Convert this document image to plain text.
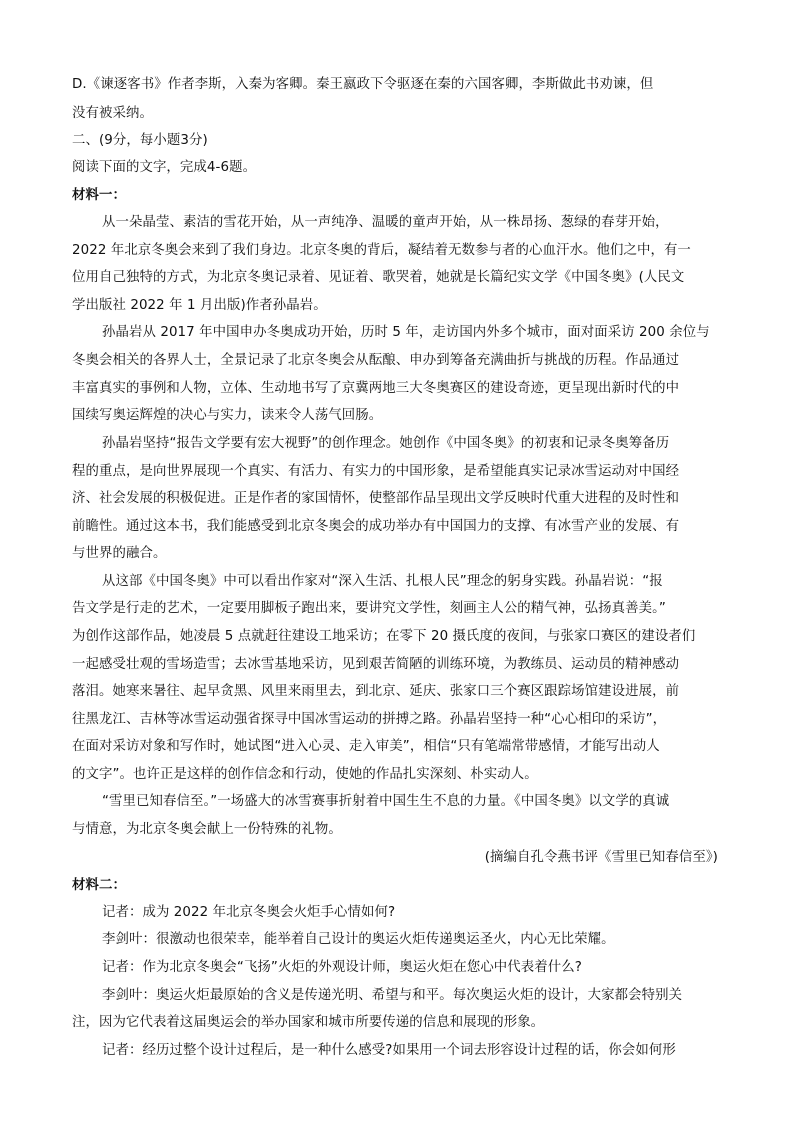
D.《谏逐客书》作者李斯，入秦为客卿。秦王嬴政下令驱逐在秦的六国客卿，李斯做此书劝谏，但
没有被采纳。
二、(9分，每小题3分)
阅读下面的文字，完成4-6题。
材料一：
从一朵晶莹、素洁的雪花开始，从一声纯净、温暖的童声开始，从一株昂扬、葱绿的春芽开始，
2022 年北京冬奥会来到了我们身边。北京冬奥的背后，凝结着无数参与者的心血汗水。他们之中，有一
位用自己独特的方式，为北京冬奥记录着、见证着、歌哭着，她就是长篇纪实文学《中国冬奥》(人民文
学出版社 2022 年 1 月出版)作者孙晶岩。
孙晶岩从 2017 年中国申办冬奥成功开始，历时 5 年，走访国内外多个城市，面对面采访 200 余位与
冬奥会相关的各界人士，全景记录了北京冬奥会从酝酿、申办到筹备充满曲折与挑战的历程。作品通过
丰富真实的事例和人物，立体、生动地书写了京冀两地三大冬奥赛区的建设奇迹，更呈现出新时代的中
国续写奥运辉煌的决心与实力，读来令人荡气回肠。
孙晶岩坚持“报告文学要有宏大视野”的创作理念。她创作《中国冬奥》的初衷和记录冬奥筹备历
程的重点，是向世界展现一个真实、有活力、有实力的中国形象，是希望能真实记录冰雪运动对中国经
济、社会发展的积极促进。正是作者的家国情怀，使整部作品呈现出文学反映时代重大进程的及时性和
前瞻性。通过这本书，我们能感受到北京冬奥会的成功举办有中国国力的支撑、有冰雪产业的发展、有
与世界的融合。
从这部《中国冬奥》中可以看出作家对“深入生活、扎根人民”理念的躬身实践。孙晶岩说：“报
告文学是行走的艺术，一定要用脚板子跑出来，要讲究文学性，刻画主人公的精气神，弘扬真善美。”
为创作这部作品，她凌晨 5 点就赶往建设工地采访；在零下 20 摄氏度的夜间，与张家口赛区的建设者们
一起感受壮观的雪场造雪；去冰雪基地采访，见到艰苦简陋的训练环境，为教练员、运动员的精神感动
落泪。她寒来暑往、起早贪黑、风里来雨里去，到北京、延庆、张家口三个赛区跟踪场馆建设进展，前
往黑龙江、吉林等冰雪运动强省探寻中国冰雪运动的拼搏之路。孙晶岩坚持一种“心心相印的采访”，
在面对采访对象和写作时，她试图“进入心灵、走入审美”，相信“只有笔端常带感情，才能写出动人
的文字”。也许正是这样的创作信念和行动，使她的作品扎实深刻、朴实动人。
“雪里已知春信至。”一场盛大的冰雪赛事折射着中国生生不息的力量。《中国冬奥》以文学的真诚
与情意，为北京冬奥会献上一份特殊的礼物。
(摘编自孔令燕书评《雪里已知春信至》)
材料二：
记者：成为 2022 年北京冬奥会火炬手心情如何?
李剑叶：很激动也很荣幸，能举着自己设计的奥运火炬传递奥运圣火，内心无比荣耀。
记者：作为北京冬奥会“飞扬”火炬的外观设计师，奥运火炬在您心中代表着什么?
李剑叶：奥运火炬最原始的含义是传递光明、希望与和平。每次奥运火炬的设计，大家都会特别关
注，因为它代表着这届奥运会的举办国家和城市所要传递的信息和展现的形象。
记者：经历过整个设计过程后，是一种什么感受?如果用一个词去形容设计过程的话，你会如何形
